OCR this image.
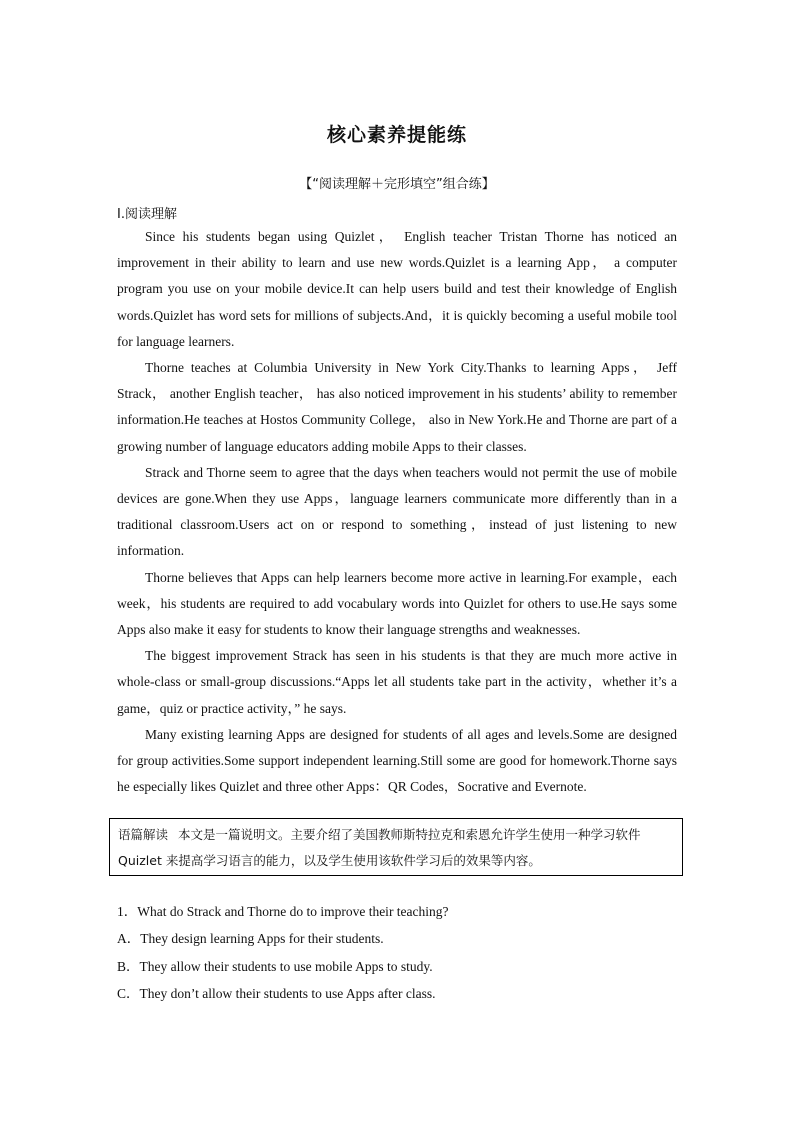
核心素养提能练
【“阅读理解＋完形填空”组合练】
Ⅰ.阅读理解

Since his students began using Quizlet， English teacher Tristan Thorne has noticed an improvement in their ability to learn and use new words.Quizlet is a learning App， a computer program you use on your mobile device.It can help users build and test their knowledge of English words.Quizlet has word sets for millions of subjects.And，it is quickly becoming a useful mobile tool for language learners.

Thorne teaches at Columbia University in New York City.Thanks to learning Apps， Jeff Strack， another English teacher， has also noticed improvement in his students’ ability to remember information.He teaches at Hostos Community College， also in New York.He and Thorne are part of a growing number of language educators adding mobile Apps to their classes.

Strack and Thorne seem to agree that the days when teachers would not permit the use of mobile devices are gone.When they use Apps，language learners communicate more differently than in a traditional classroom.Users act on or respond to something，instead of just listening to new information.

Thorne believes that Apps can help learners become more active in learning.For example，each week，his students are required to add vocabulary words into Quizlet for others to use.He says some Apps also make it easy for students to know their language strengths and weaknesses.

The biggest improvement Strack has seen in his students is that they are much more active in whole-class or small-group discussions.“Apps let all students take part in the activity，whether it’s a game，quiz or practice activity，” he says.

Many existing learning Apps are designed for students of all ages and levels.Some are designed for group activities.Some support independent learning.Still some are good for homework.Thorne says he especially likes Quizlet and three other Apps：QR Codes，Socrative and Evernote.

语篇解读 本文是一篇说明文。主要介绍了美国教师斯特拉克和索恩允许学生使用一种学习软件 Quizlet 来提高学习语言的能力，以及学生使用该软件学习后的效果等内容。
1．What do Strack and Thorne do to improve their teaching?
A．They design learning Apps for their students.
B．They allow their students to use mobile Apps to study.
C．They don’t allow their students to use Apps after class.
